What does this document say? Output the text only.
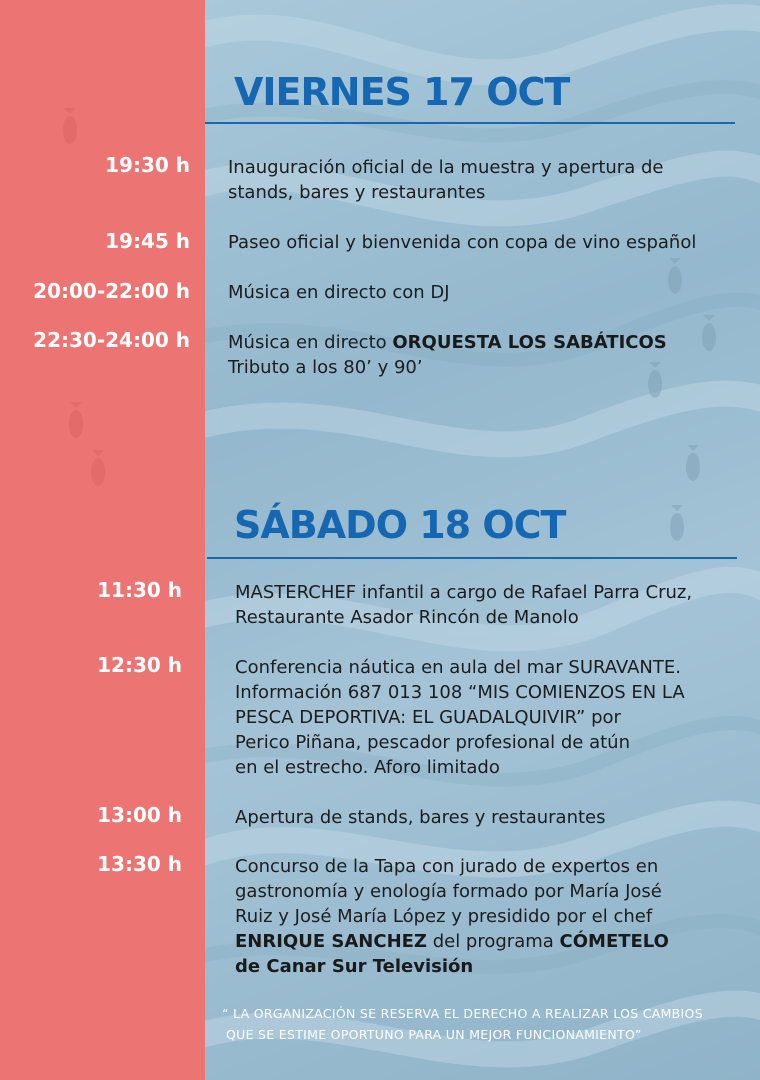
VIERNES 17 OCT
19:30 h Inauguración oficial de la muestra y apertura de
stands, bares y restaurantes
19:45 h Paseo oficial y bienvenida con copa de vino español
20:00-22:00 h Música en directo con DJ
22:30-24:00 h Música en directo ORQUESTA LOS SABÁTICOS
Tributo a los 80’ y 90’
SÁBADO 18 OCT
11:30 h	MASTERCHEF infantil a cargo de Rafael Parra Cruz,
Restaurante Asador Rincón de Manolo
12:30 h	Conferencia náutica en aula del mar SURAVANTE.
Información 687 013 108 “MIS COMIENZOS EN LA
PESCA DEPORTIVA: EL GUADALQUIVIR” por
Perico Piñana, pescador profesional de atún
en el estrecho. Aforo limitado
13:00 h	Apertura de stands, bares y restaurantes
13:30 h	Concurso de la Tapa con jurado de expertos en
gastronomía y enología formado por María José
Ruiz y José María López y presidido por el chef
ENRIQUE SANCHEZ del programa CÓMETELO
de Canar Sur Televisión
“ LA ORGANIZACIÓN SE RESERVA EL DERECHO A REALIZAR LOS CAMBIOS
QUE SE ESTIME OPORTUNO PARA UN MEJOR FUNCIONAMIENTO”
